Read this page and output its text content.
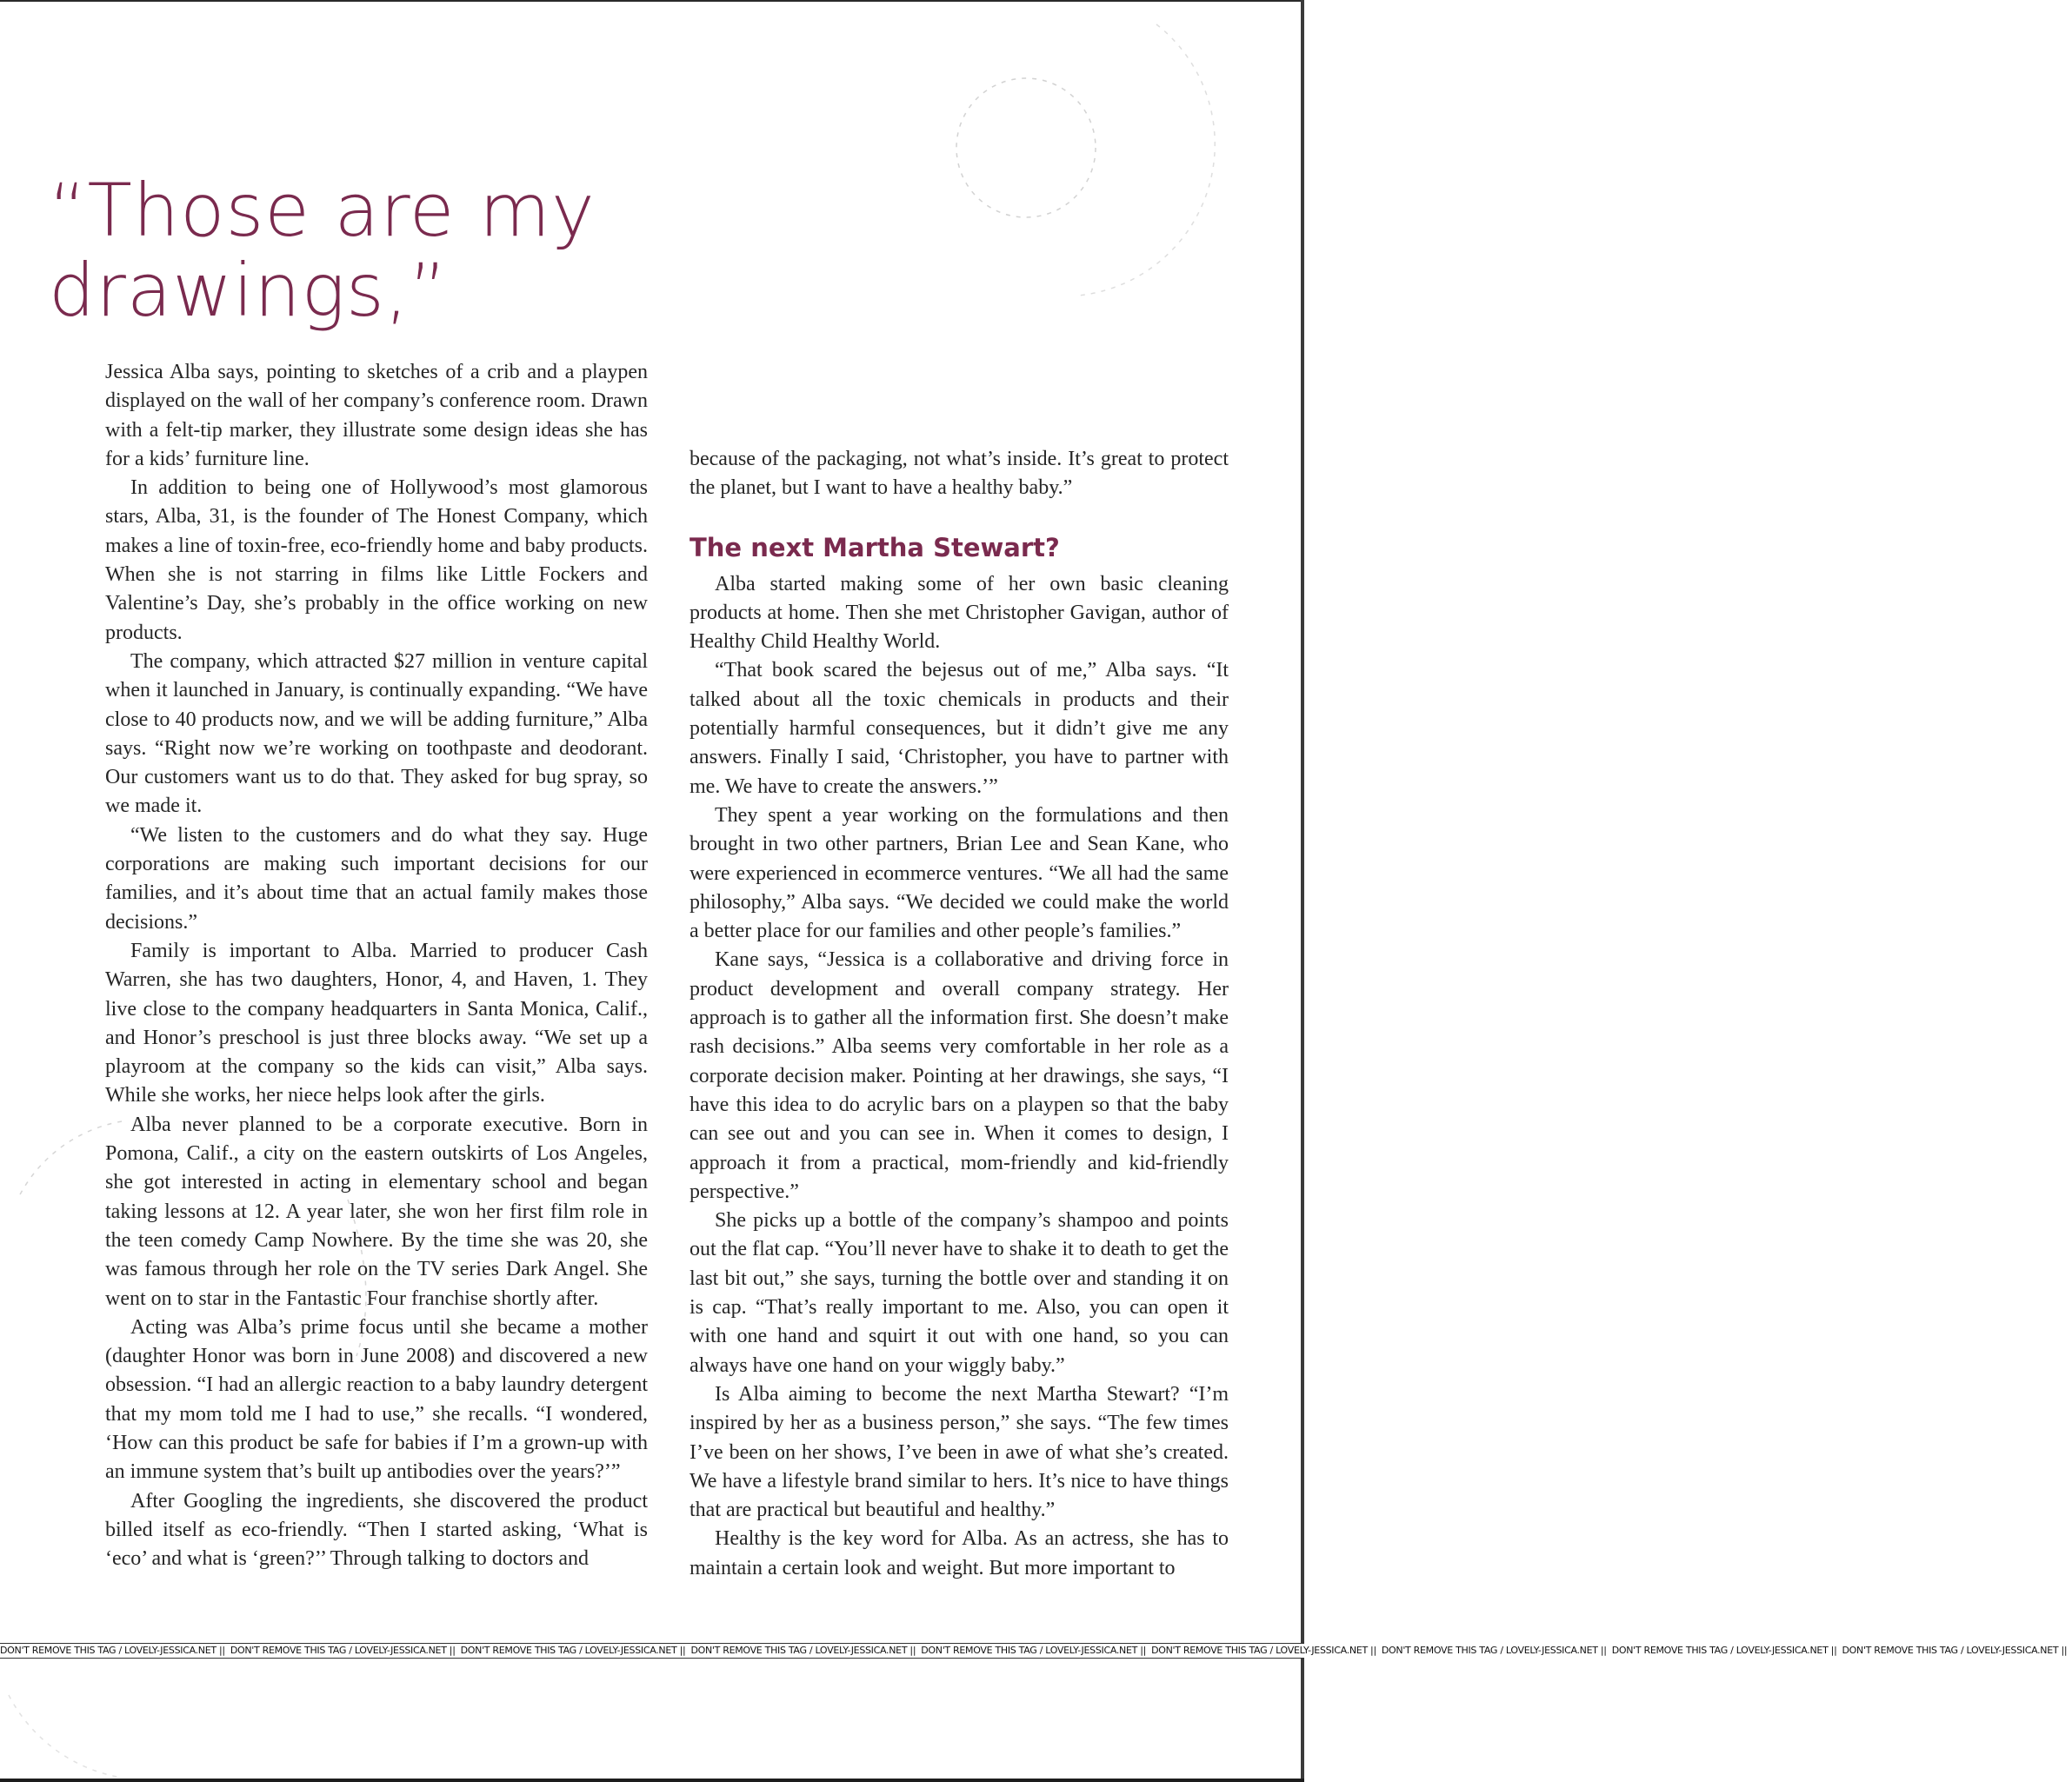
“Those are my drawings,”

Jessica Alba says, pointing to sketches of a crib and a playpen displayed on the wall of her company’s conference room. Drawn with a felt-tip marker, they illustrate some design ideas she has for a kids’ furniture line.

In addition to being one of Hollywood’s most glamorous stars, Alba, 31, is the founder of The Honest Company, which makes a line of toxin-free, eco-friendly home and baby products. When she is not starring in films like Little Fockers and Valentine’s Day, she’s probably in the office working on new products.

The company, which attracted $27 million in venture capital when it launched in January, is continually expanding. “We have close to 40 products now, and we will be adding furniture,” Alba says. “Right now we’re working on toothpaste and deodorant. Our customers want us to do that. They asked for bug spray, so we made it.

“We listen to the customers and do what they say. Huge corporations are making such important decisions for our families, and it’s about time that an actual family makes those decisions.”

Family is important to Alba. Married to producer Cash Warren, she has two daughters, Honor, 4, and Haven, 1. They live close to the company headquarters in Santa Monica, Calif., and Honor’s preschool is just three blocks away. “We set up a playroom at the company so the kids can visit,” Alba says. While she works, her niece helps look after the girls.

Alba never planned to be a corporate executive. Born in Pomona, Calif., a city on the eastern outskirts of Los Angeles, she got interested in acting in elementary school and began taking lessons at 12. A year later, she won her first film role in the teen comedy Camp Nowhere. By the time she was 20, she was famous through her role on the TV series Dark Angel. She went on to star in the Fantastic Four franchise shortly after.

Acting was Alba’s prime focus until she became a mother (daughter Honor was born in June 2008) and discovered a new obsession. “I had an allergic reaction to a baby laundry detergent that my mom told me I had to use,” she recalls. “I wondered, ‘How can this product be safe for babies if I’m a grown-up with an immune system that’s built up antibodies over the years?’”

After Googling the ingredients, she discovered the product billed itself as eco-friendly. “Then I started asking, ‘What is ‘eco’ and what is ‘green?’’ Through talking to doctors and

because of the packaging, not what’s inside. It’s great to protect the planet, but I want to have a healthy baby.”

The next Martha Stewart?

Alba started making some of her own basic cleaning products at home. Then she met Christopher Gavigan, author of Healthy Child Healthy World.

“That book scared the bejesus out of me,” Alba says. “It talked about all the toxic chemicals in products and their potentially harmful consequences, but it didn’t give me any answers. Finally I said, ‘Christopher, you have to partner with me. We have to create the answers.’”

They spent a year working on the formulations and then brought in two other partners, Brian Lee and Sean Kane, who were experienced in ecommerce ventures. “We all had the same philosophy,” Alba says. “We decided we could make the world a better place for our families and other people’s families.”

Kane says, “Jessica is a collaborative and driving force in product development and overall company strategy. Her approach is to gather all the information first. She doesn’t make rash decisions.” Alba seems very comfortable in her role as a corporate decision maker. Pointing at her drawings, she says, “I have this idea to do acrylic bars on a playpen so that the baby can see out and you can see in. When it comes to design, I approach it from a practical, mom-friendly and kid-friendly perspective.”

She picks up a bottle of the company’s shampoo and points out the flat cap. “You’ll never have to shake it to death to get the last bit out,” she says, turning the bottle over and standing it on is cap. “That’s really important to me. Also, you can open it with one hand and squirt it out with one hand, so you can always have one hand on your wiggly baby.”

Is Alba aiming to become the next Martha Stewart? “I’m inspired by her as a business person,” she says. “The few times I’ve been on her shows, I’ve been in awe of what she’s created. We have a lifestyle brand similar to hers. It’s nice to have things that are practical but beautiful and healthy.”

Healthy is the key word for Alba. As an actress, she has to maintain a certain look and weight. But more important to

DON'T REMOVE THIS TAG / LOVELY-JESSICA.NET || DON'T REMOVE THIS TAG / LOVELY-JESSICA.NET || DON'T REMOVE THIS TAG / LOVELY-JESSICA.NET || DON'T REMOVE THIS TAG / LOVELY-JESSICA.NET || DON'T REMOVE THIS TAG / LOVELY-JESSICA.NET || DON'T REMOVE THIS TAG / LOVELY-JESSICA.NET || DON'T REMOVE THIS TAG / LOVELY-JESSICA.NET || DON'T REMOVE THIS TAG / LOVELY-JESSICA.NET || DON'T REMOVE THIS TAG / LOVELY-JESSICA.NET ||
